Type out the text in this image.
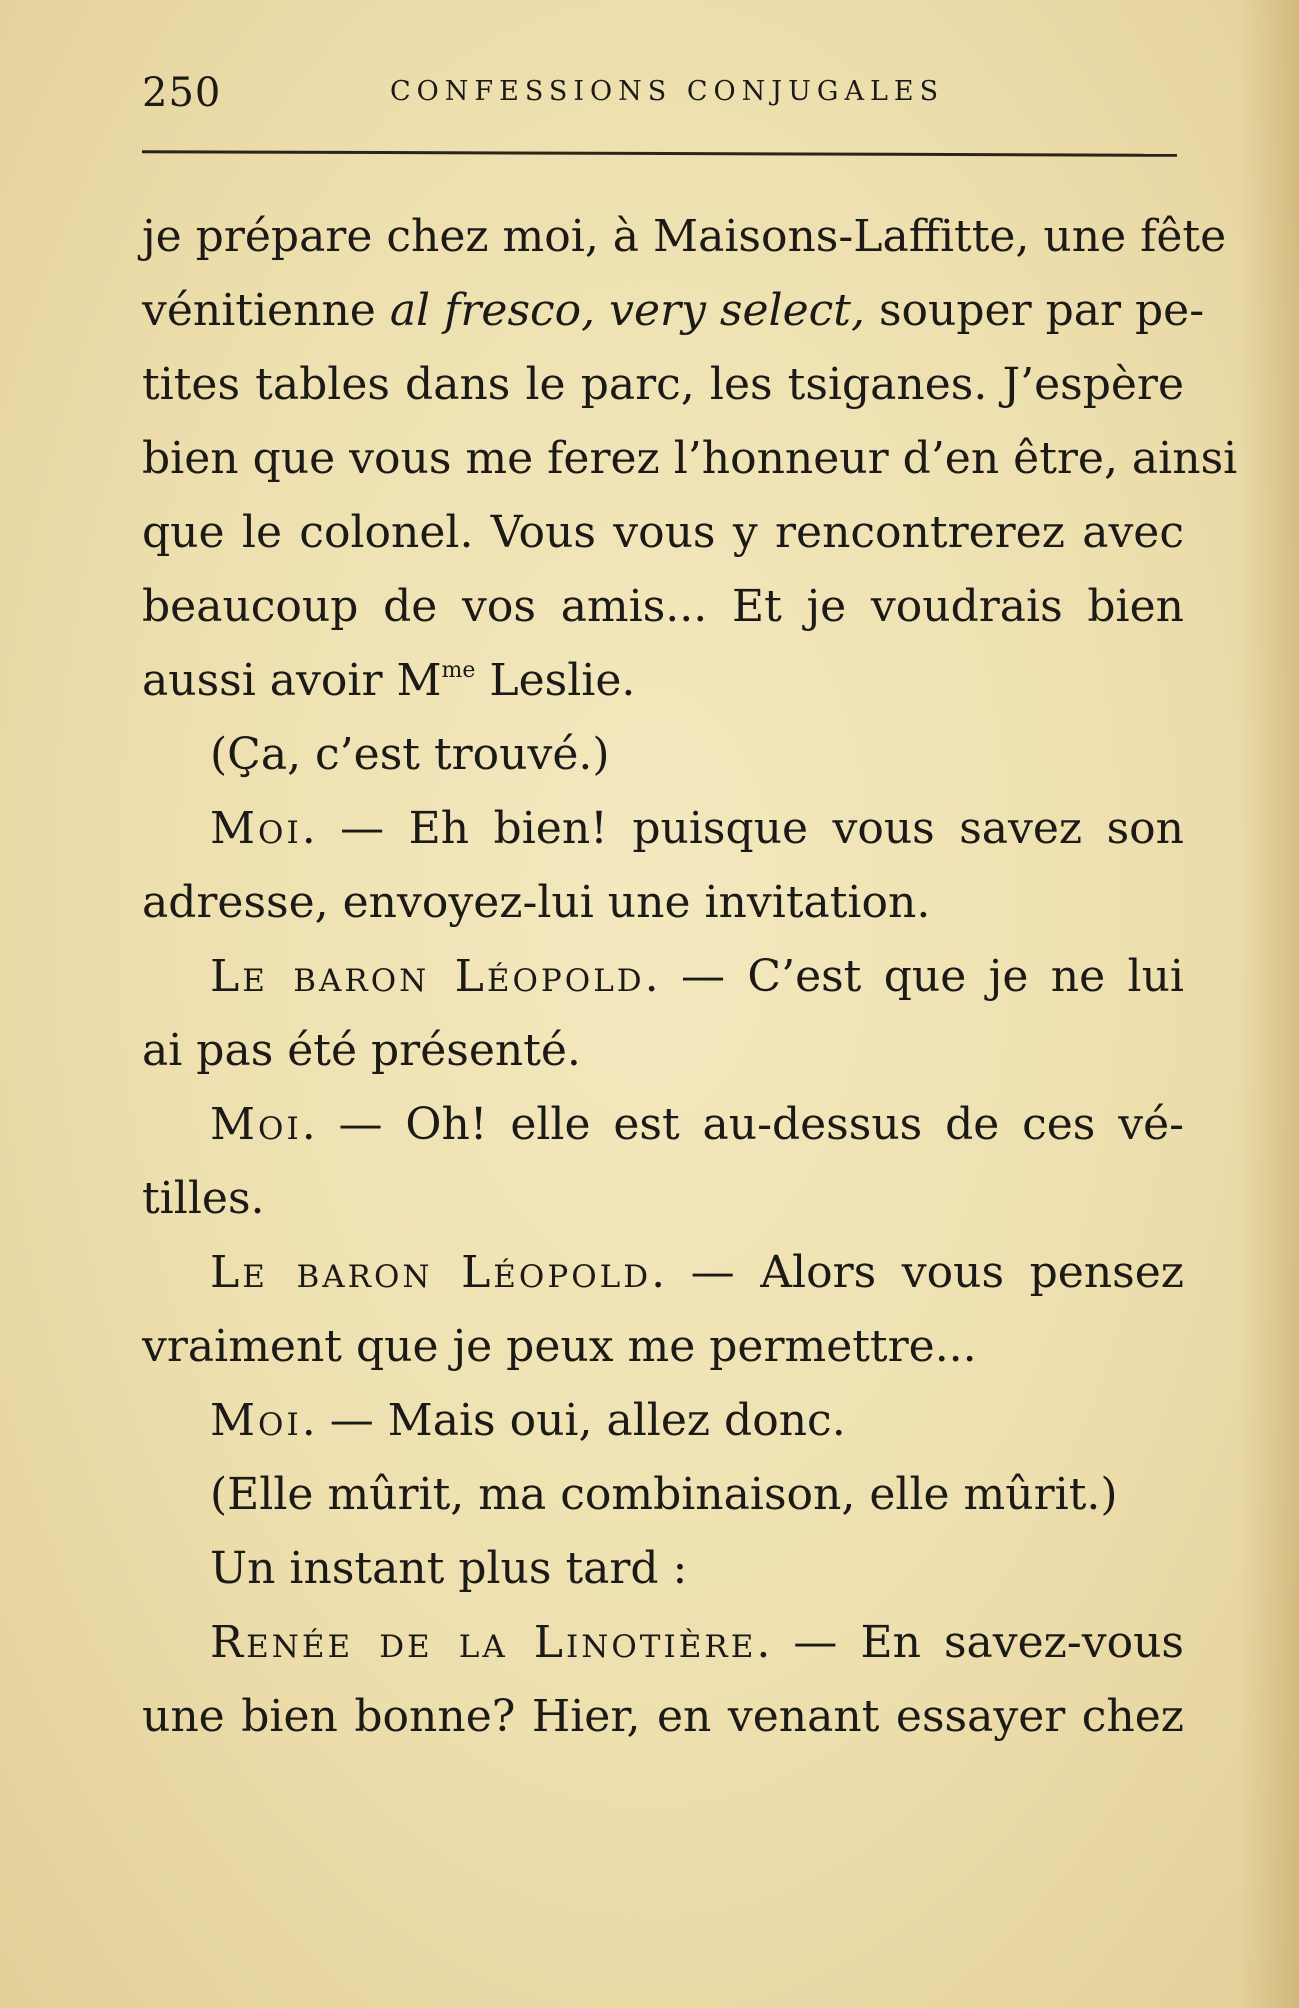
250	CONFESSIONS CONJUGALES
je prépare chez moi, à Maisons-Laffitte, une fête
vénitienne al fresco, very select, souper par pe-
tites tables dans le parc, les tsiganes. J’espère
bien que vous me ferez l’honneur d’en être, ainsi
que le colonel. Vous vous y rencontrerez avec
beaucoup de vos amis... Et je voudrais bien
aussi avoir $M^{me}$ Leslie.
(Ça, c’est trouvé.)
Moi. — Eh bien! puisque vous savez son
adresse, envoyez-lui une invitation.
Le baron Léopold. — C’est que je ne lui
ai pas été présenté.
Moi. — Oh! elle est au-dessus de ces vé-
tilles.
Le baron Léopold. — Alors vous pensez
vraiment que je peux me permettre...
Moi. — Mais oui, allez donc.
(Elle mûrit, ma combinaison, elle mûrit.)
Un instant plus tard :
Renée de la Linotière. — En savez-vous
une bien bonne? Hier, en venant essayer chez
